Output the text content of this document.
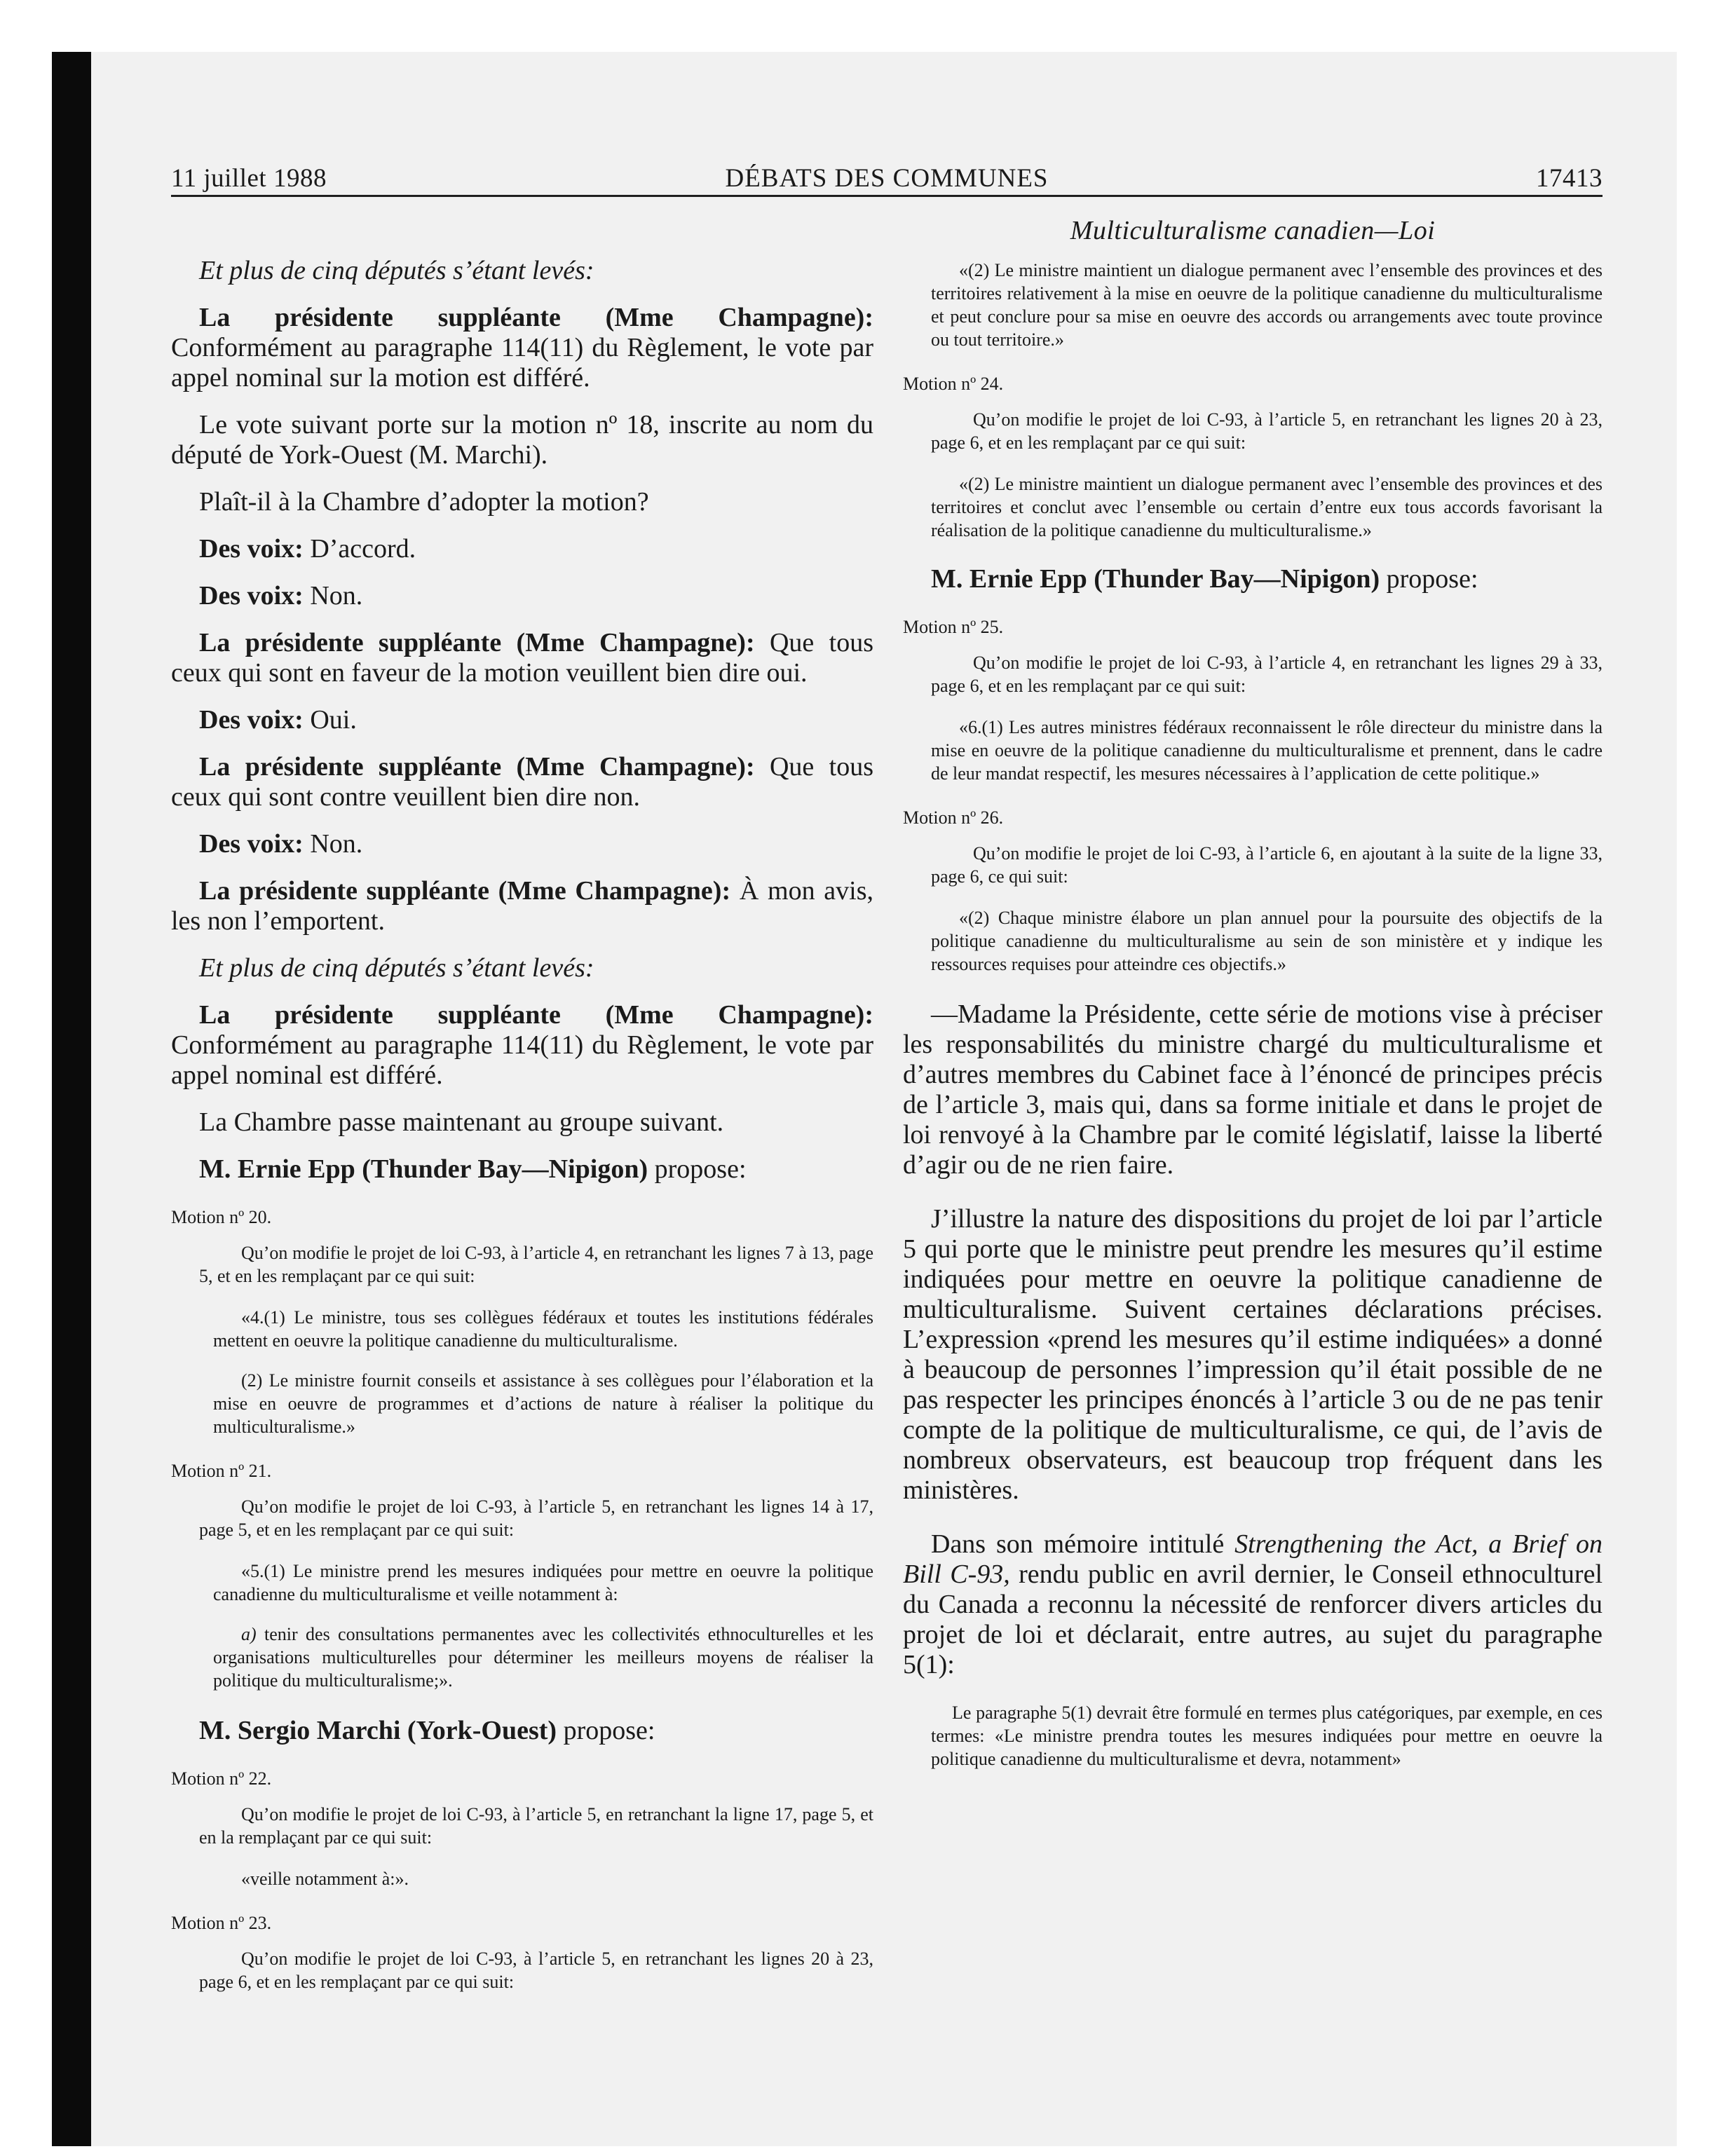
11 juillet 1988	DÉBATS DES COMMUNES	17413

Et plus de cinq députés s’étant levés:

La présidente suppléante (Mme Champagne): Conformément au paragraphe 114(11) du Règlement, le vote par appel nominal sur la motion est différé.

Le vote suivant porte sur la motion nº 18, inscrite au nom du député de York-Ouest (M. Marchi).

Plaît-il à la Chambre d’adopter la motion?

Des voix: D’accord.

Des voix: Non.

La présidente suppléante (Mme Champagne): Que tous ceux qui sont en faveur de la motion veuillent bien dire oui.

Des voix: Oui.

La présidente suppléante (Mme Champagne): Que tous ceux qui sont contre veuillent bien dire non.

Des voix: Non.

La présidente suppléante (Mme Champagne): À mon avis, les non l’emportent.

Et plus de cinq députés s’étant levés:

La présidente suppléante (Mme Champagne): Conformément au paragraphe 114(11) du Règlement, le vote par appel nominal est différé.

La Chambre passe maintenant au groupe suivant.

M. Ernie Epp (Thunder Bay—Nipigon) propose:

Motion nº 20.

Qu’on modifie le projet de loi C-93, à l’article 4, en retranchant les lignes 7 à 13, page 5, et en les remplaçant par ce qui suit:

«4.(1) Le ministre, tous ses collègues fédéraux et toutes les institutions fédérales mettent en oeuvre la politique canadienne du multiculturalisme.

(2) Le ministre fournit conseils et assistance à ses collègues pour l’élaboration et la mise en oeuvre de programmes et d’actions de nature à réaliser la politique du multiculturalisme.»

Motion nº 21.

Qu’on modifie le projet de loi C-93, à l’article 5, en retranchant les lignes 14 à 17, page 5, et en les remplaçant par ce qui suit:

«5.(1) Le ministre prend les mesures indiquées pour mettre en oeuvre la politique canadienne du multiculturalisme et veille notamment à:

a) tenir des consultations permanentes avec les collectivités ethnoculturelles et les organisations multiculturelles pour déterminer les meilleurs moyens de réaliser la politique du multiculturalisme;».

M. Sergio Marchi (York-Ouest) propose:

Motion nº 22.

Qu’on modifie le projet de loi C-93, à l’article 5, en retranchant la ligne 17, page 5, et en la remplaçant par ce qui suit:

«veille notamment à:».

Motion nº 23.

Qu’on modifie le projet de loi C-93, à l’article 5, en retranchant les lignes 20 à 23, page 6, et en les remplaçant par ce qui suit:

Multiculturalisme canadien—Loi

«(2) Le ministre maintient un dialogue permanent avec l’ensemble des provinces et des territoires relativement à la mise en oeuvre de la politique canadienne du multiculturalisme et peut conclure pour sa mise en oeuvre des accords ou arrangements avec toute province ou tout territoire.»

Motion nº 24.

Qu’on modifie le projet de loi C-93, à l’article 5, en retranchant les lignes 20 à 23, page 6, et en les remplaçant par ce qui suit:

«(2) Le ministre maintient un dialogue permanent avec l’ensemble des provinces et des territoires et conclut avec l’ensemble ou certain d’entre eux tous accords favorisant la réalisation de la politique canadienne du multiculturalisme.»

M. Ernie Epp (Thunder Bay—Nipigon) propose:

Motion nº 25.

Qu’on modifie le projet de loi C-93, à l’article 4, en retranchant les lignes 29 à 33, page 6, et en les remplaçant par ce qui suit:

«6.(1) Les autres ministres fédéraux reconnaissent le rôle directeur du ministre dans la mise en oeuvre de la politique canadienne du multiculturalisme et prennent, dans le cadre de leur mandat respectif, les mesures nécessaires à l’application de cette politique.»

Motion nº 26.

Qu’on modifie le projet de loi C-93, à l’article 6, en ajoutant à la suite de la ligne 33, page 6, ce qui suit:

«(2) Chaque ministre élabore un plan annuel pour la poursuite des objectifs de la politique canadienne du multiculturalisme au sein de son ministère et y indique les ressources requises pour atteindre ces objectifs.»

—Madame la Présidente, cette série de motions vise à préciser les responsabilités du ministre chargé du multiculturalisme et d’autres membres du Cabinet face à l’énoncé de principes précis de l’article 3, mais qui, dans sa forme initiale et dans le projet de loi renvoyé à la Chambre par le comité législatif, laisse la liberté d’agir ou de ne rien faire.

J’illustre la nature des dispositions du projet de loi par l’article 5 qui porte que le ministre peut prendre les mesures qu’il estime indiquées pour mettre en oeuvre la politique canadienne de multiculturalisme. Suivent certaines déclarations précises. L’expression «prend les mesures qu’il estime indiquées» a donné à beaucoup de personnes l’impression qu’il était possible de ne pas respecter les principes énoncés à l’article 3 ou de ne pas tenir compte de la politique de multiculturalisme, ce qui, de l’avis de nombreux observateurs, est beaucoup trop fréquent dans les ministères.

Dans son mémoire intitulé Strengthening the Act, a Brief on Bill C-93, rendu public en avril dernier, le Conseil ethnoculturel du Canada a reconnu la nécessité de renforcer divers articles du projet de loi et déclarait, entre autres, au sujet du paragraphe 5(1):

Le paragraphe 5(1) devrait être formulé en termes plus catégoriques, par exemple, en ces termes: «Le ministre prendra toutes les mesures indiquées pour mettre en oeuvre la politique canadienne du multiculturalisme et devra, notamment»
